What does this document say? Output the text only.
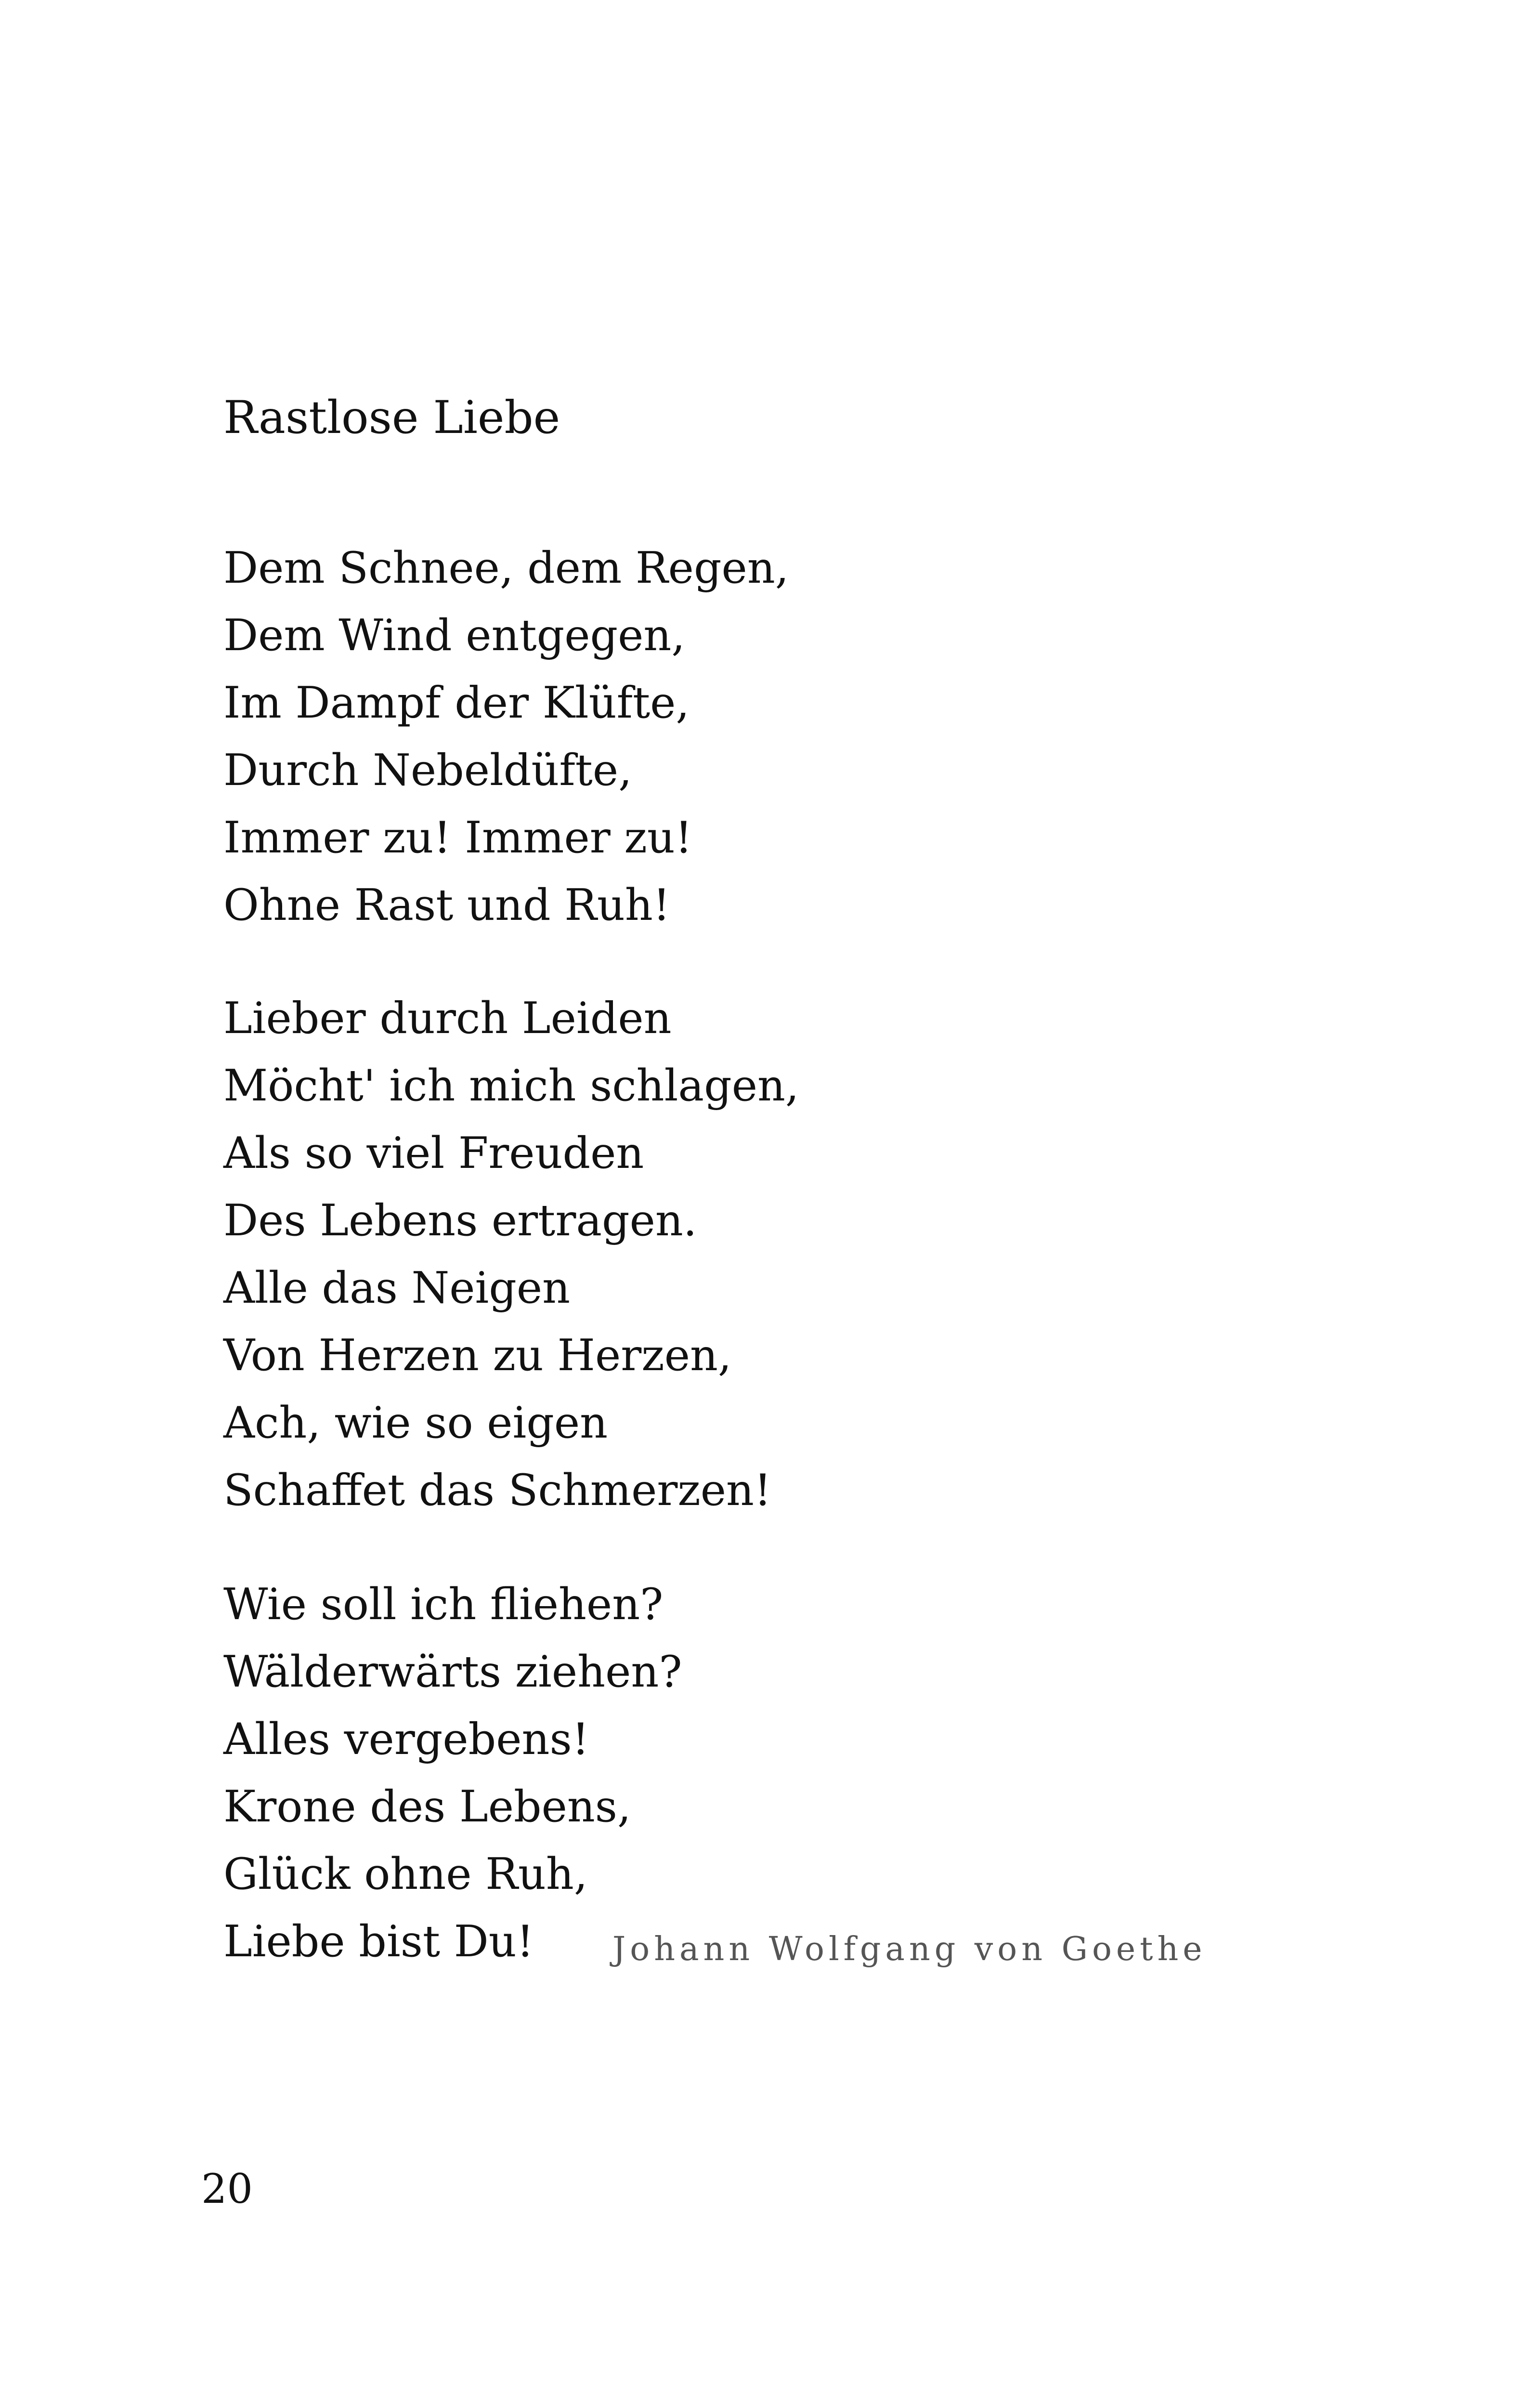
Rastlose Liebe
Dem Schnee, dem Regen,
Dem Wind entgegen,
Im Dampf der Klüfte,
Durch Nebeldüfte,
Immer zu! Immer zu!
Ohne Rast und Ruh!
Lieber durch Leiden
Möcht' ich mich schlagen,
Als so viel Freuden
Des Lebens ertragen.
Alle das Neigen
Von Herzen zu Herzen,
Ach, wie so eigen
Schaffet das Schmerzen!
Wie soll ich fliehen?
Wälderwärts ziehen?
Alles vergebens!
Krone des Lebens,
Glück ohne Ruh,
Liebe bist Du!	Johann Wolfgang von Goethe
20
